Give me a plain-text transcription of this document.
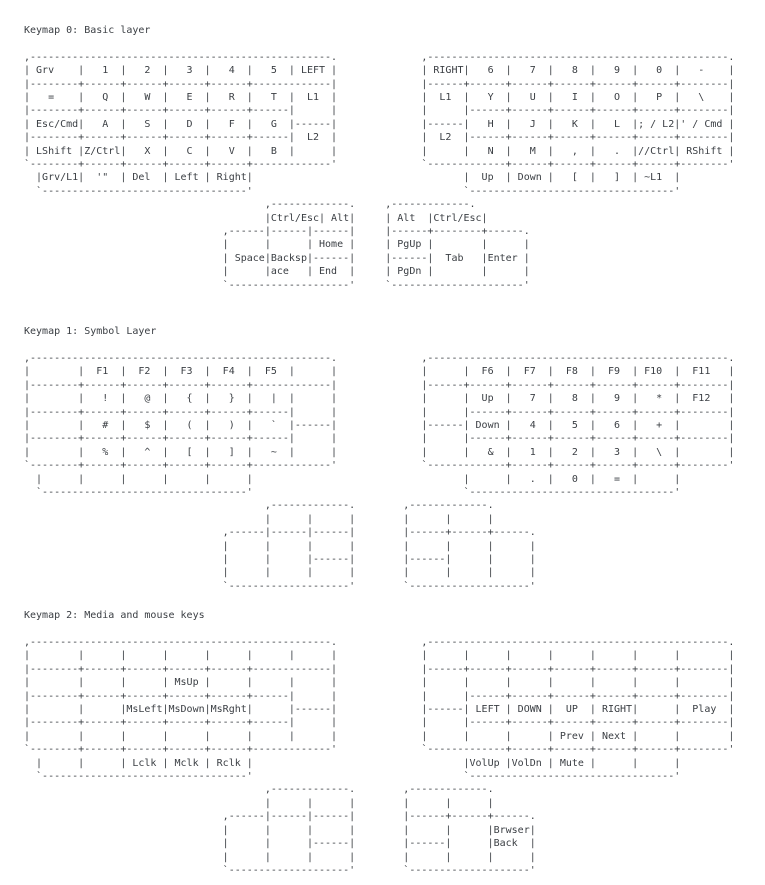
Keymap 0: Basic layer
,--------------------------------------------------.              ,--------------------------------------------------.
| Grv    |   1  |   2  |   3  |   4  |   5  | LEFT |              | RIGHT|   6  |   7  |   8  |   9  |   0  |   -    |
|--------+------+------+------+------+-------------|              |------+------+------+------+------+------+--------|
|   =    |   Q  |   W  |   E  |   R  |   T  |  L1  |              |  L1  |   Y  |   U  |   I  |   O  |   P  |   \    |
|--------+------+------+------+------+------|      |              |      |------+------+------+------+------+--------|
| Esc/Cmd|   A  |   S  |   D  |   F  |   G  |------|              |------|   H  |   J  |   K  |   L  |; / L2|' / Cmd |
|--------+------+------+------+------+------|  L2  |              |  L2  |------+------+------+------+------+--------|
| LShift |Z/Ctrl|   X  |   C  |   V  |   B  |      |              |      |   N  |   M  |   ,  |   .  |//Ctrl| RShift |
`--------+------+------+------+------+-------------'              `-------------+------+------+------+------+--------'
|Grv/L1|  '"  | Del  | Left | Right|                                   |  Up  | Down |   [  |   ]  | ~L1  |
`----------------------------------'                                   `----------------------------------'
,-------------.     ,-------------.
|Ctrl/Esc| Alt|     | Alt  |Ctrl/Esc|
,------|------|------|     |------+--------+------.
|      |      | Home |     | PgUp |        |      |
| Space|Backsp|------|     |------|  Tab   |Enter |
|      |ace   | End  |     | PgDn |        |      |
`--------------------'     `----------------------'
Keymap 1: Symbol Layer
,--------------------------------------------------.              ,--------------------------------------------------.
|        |  F1  |  F2  |  F3  |  F4  |  F5  |      |              |      |  F6  |  F7  |  F8  |  F9  | F10  |  F11   |
|--------+------+------+------+------+-------------|              |------+------+------+------+------+------+--------|
|        |   !  |   @  |   {  |   }  |   |  |      |              |      |  Up  |   7  |   8  |   9  |   *  |  F12   |
|--------+------+------+------+------+------|      |              |      |------+------+------+------+------+--------|
|        |   #  |   $  |   (  |   )  |   `  |------|              |------| Down |   4  |   5  |   6  |   +  |        |
|--------+------+------+------+------+------|      |              |      |------+------+------+------+------+--------|
|        |   %  |   ^  |   [  |   ]  |   ~  |      |              |      |   &  |   1  |   2  |   3  |   \  |        |
`--------+------+------+------+------+-------------'              `-------------+------+------+------+------+--------'
|      |      |      |      |      |                                   |      |   .  |   0  |   =  |      |
`----------------------------------'                                   `----------------------------------'
,-------------.        ,-------------.
|      |      |        |      |      |
,------|------|------|        |------+------+------.
|      |      |      |        |      |      |      |
|      |      |------|        |------|      |      |
|      |      |      |        |      |      |      |
`--------------------'        `--------------------'
Keymap 2: Media and mouse keys
,--------------------------------------------------.              ,--------------------------------------------------.
|        |      |      |      |      |      |      |              |      |      |      |      |      |      |        |
|--------+------+------+------+------+-------------|              |------+------+------+------+------+------+--------|
|        |      |      | MsUp |      |      |      |              |      |      |      |      |      |      |        |
|--------+------+------+------+------+------|      |              |      |------+------+------+------+------+--------|
|        |      |MsLeft|MsDown|MsRght|      |------|              |------| LEFT | DOWN |  UP  | RIGHT|      |  Play  |
|--------+------+------+------+------+------|      |              |      |------+------+------+------+------+--------|
|        |      |      |      |      |      |      |              |      |      |      | Prev | Next |      |        |
`--------+------+------+------+------+-------------'              `-------------+------+------+------+------+--------'
|      |      | Lclk | Mclk | Rclk |                                   |VolUp |VolDn | Mute |      |      |
`----------------------------------'                                   `----------------------------------'
,-------------.        ,-------------.
|      |      |        |      |      |
,------|------|------|        |------+------+------.
|      |      |      |        |      |      |Brwser|
|      |      |------|        |------|      |Back  |
|      |      |      |        |      |      |      |
`--------------------'        `--------------------'
